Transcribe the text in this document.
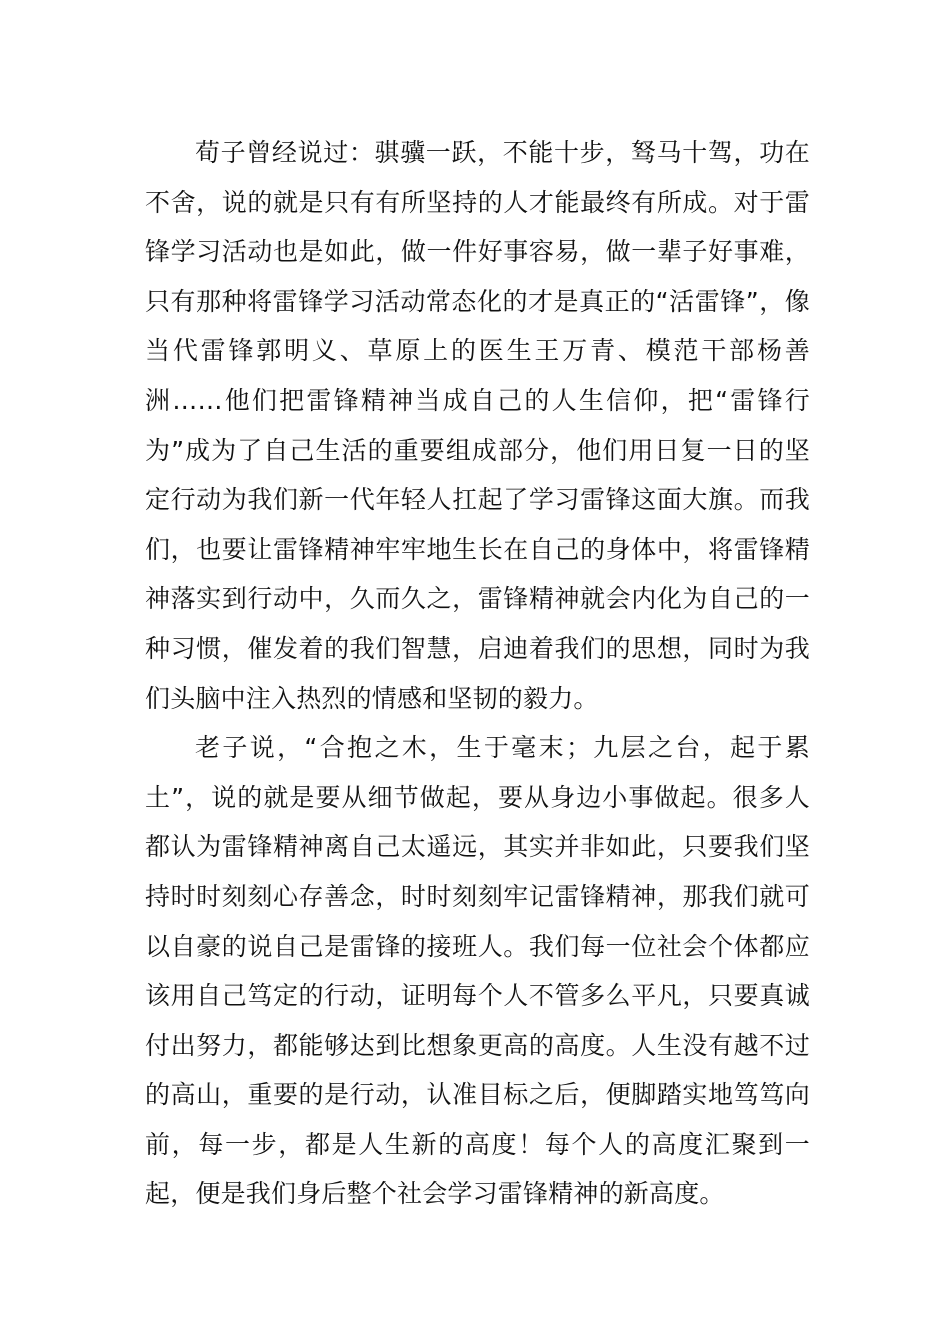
荀子曾经说过：骐骥一跃，不能十步，驽马十驾，功在不舍，说的就是只有有所坚持的人才能最终有所成。对于雷锋学习活动也是如此，做一件好事容易，做一辈子好事难，只有那种将雷锋学习活动常态化的才是真正的“活雷锋”，像当代雷锋郭明义、草原上的医生王万青、模范干部杨善洲……他们把雷锋精神当成自己的人生信仰，把“雷锋行为”成为了自己生活的重要组成部分，他们用日复一日的坚定行动为我们新一代年轻人扛起了学习雷锋这面大旗。而我们，也要让雷锋精神牢牢地生长在自己的身体中，将雷锋精神落实到行动中，久而久之，雷锋精神就会内化为自己的一种习惯，催发着的我们智慧，启迪着我们的思想，同时为我们头脑中注入热烈的情感和坚韧的毅力。

老子说，“合抱之木，生于毫末；九层之台，起于累土”，说的就是要从细节做起，要从身边小事做起。很多人都认为雷锋精神离自己太遥远，其实并非如此，只要我们坚持时时刻刻心存善念，时时刻刻牢记雷锋精神，那我们就可以自豪的说自己是雷锋的接班人。我们每一位社会个体都应该用自己笃定的行动，证明每个人不管多么平凡，只要真诚付出努力，都能够达到比想象更高的高度。人生没有越不过的高山，重要的是行动，认准目标之后，便脚踏实地笃笃向前，每一步，都是人生新的高度！每个人的高度汇聚到一起，便是我们身后整个社会学习雷锋精神的新高度。
